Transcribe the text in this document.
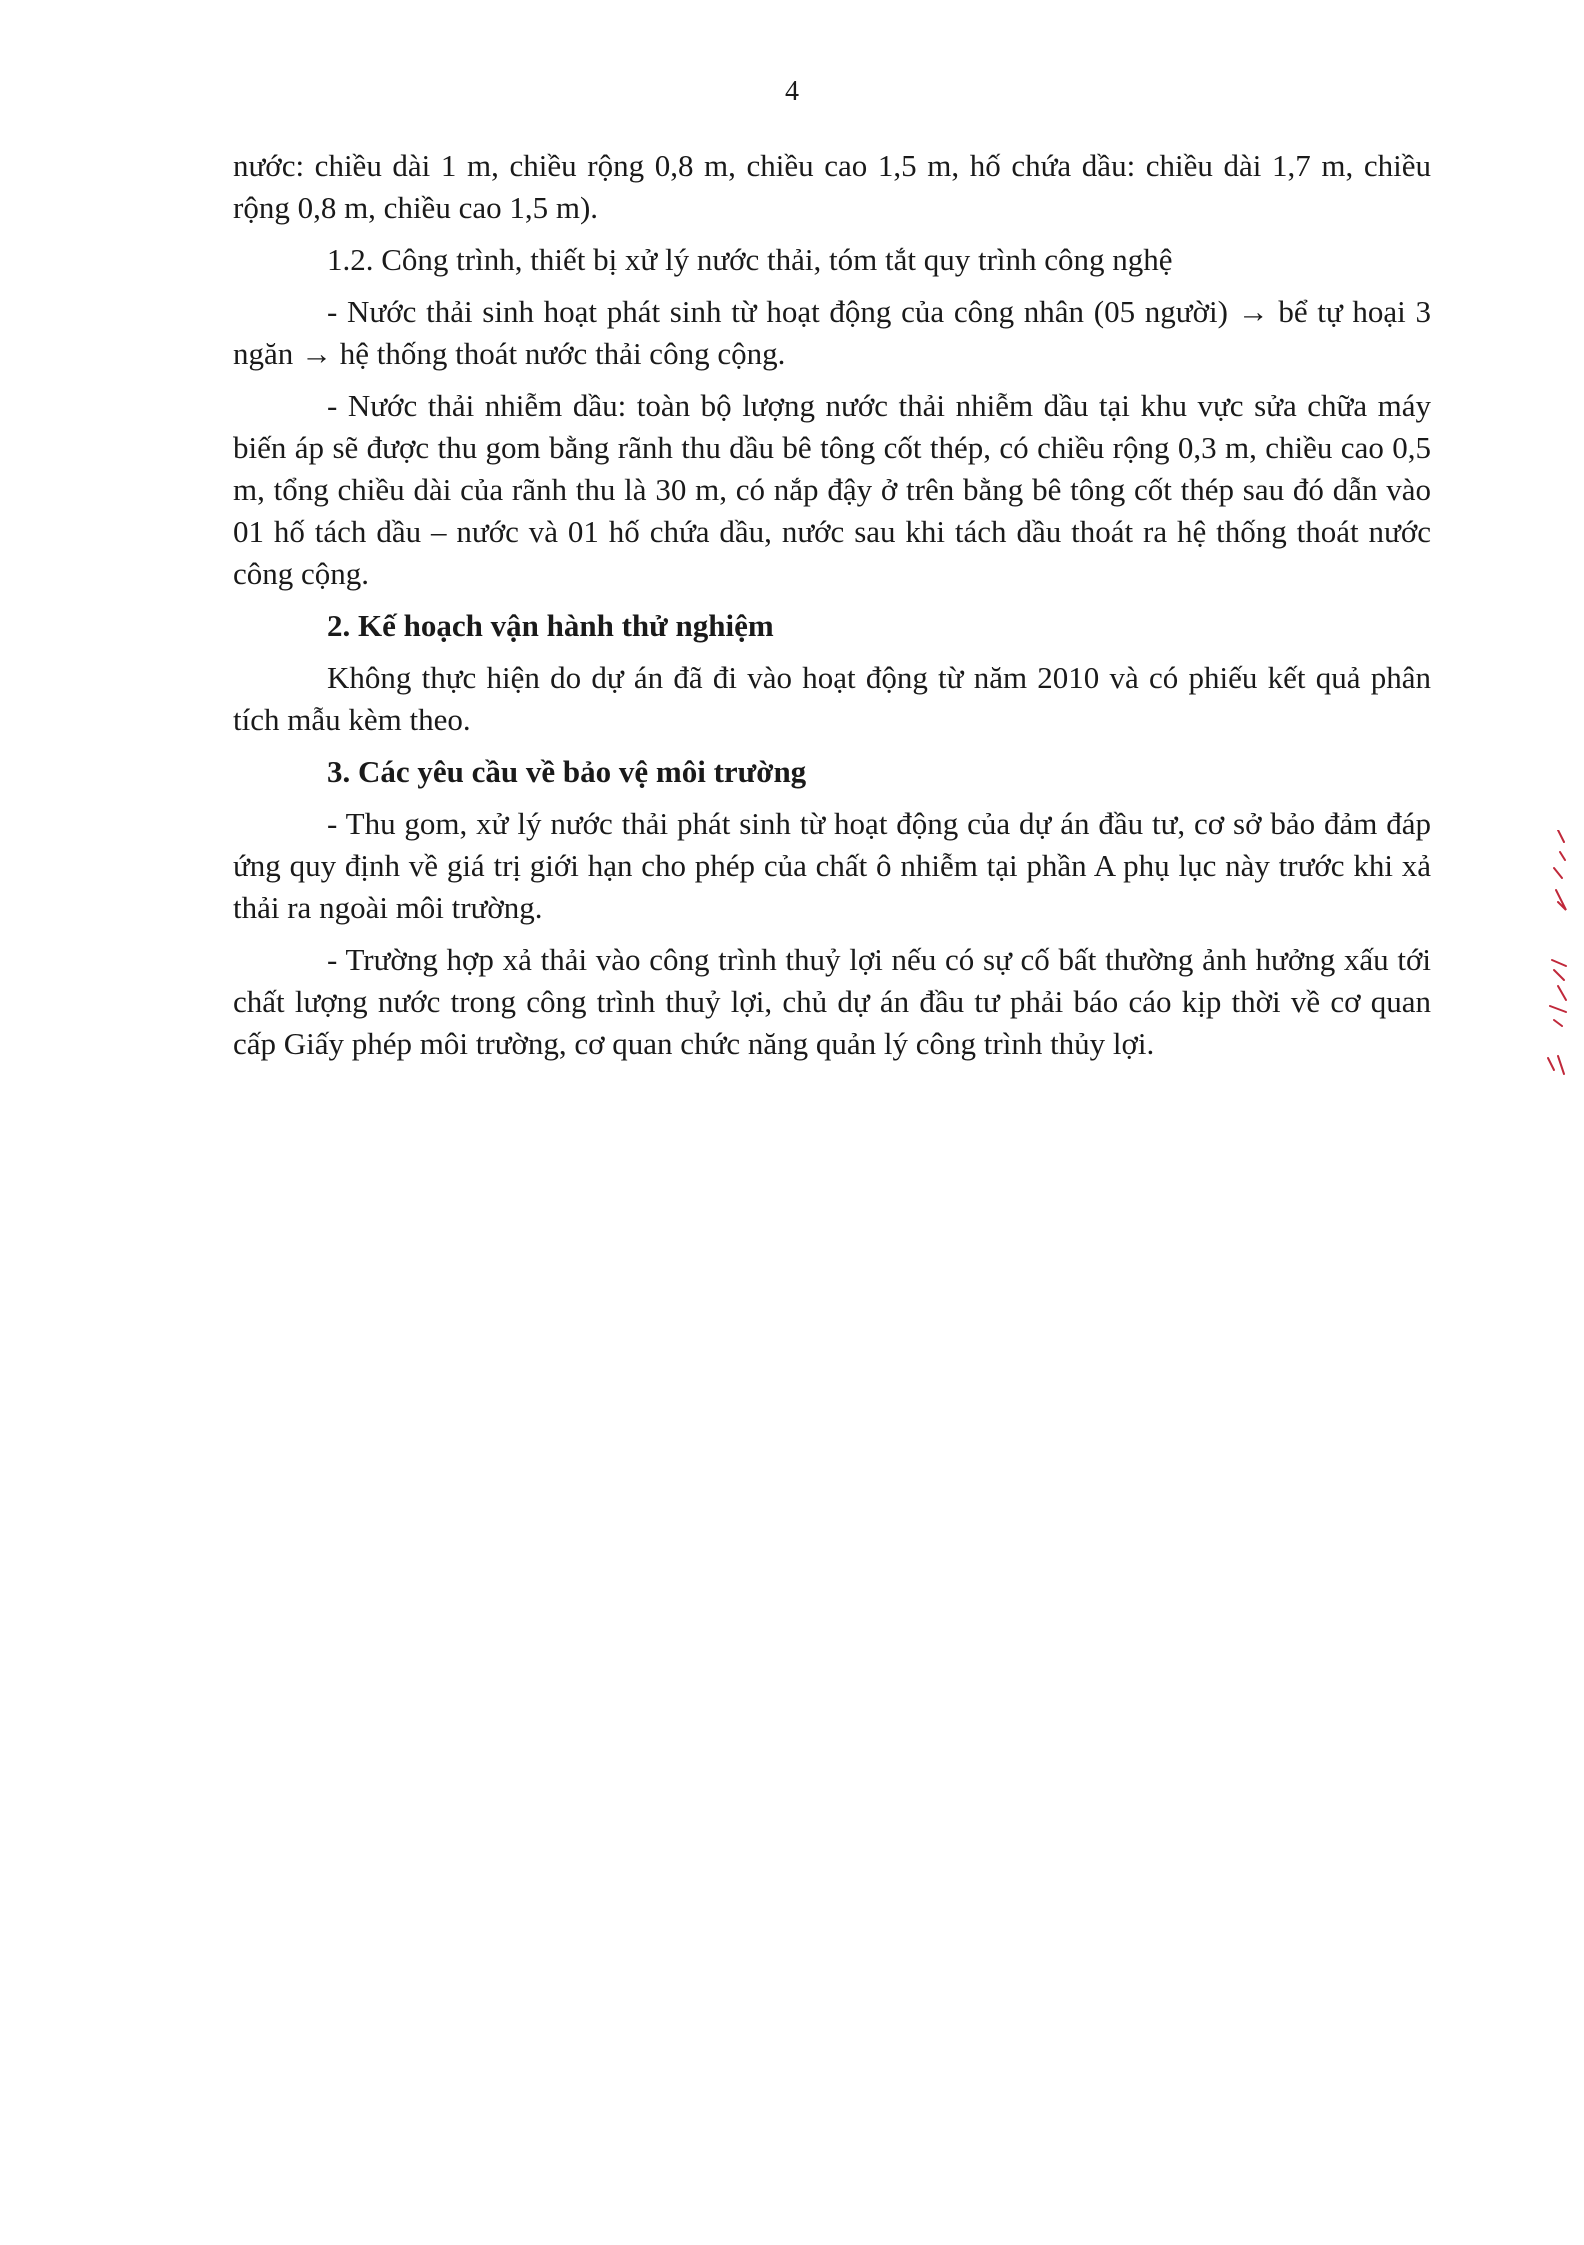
4

nước: chiều dài 1 m, chiều rộng 0,8 m, chiều cao 1,5 m, hố chứa dầu: chiều dài 1,7 m, chiều rộng 0,8 m, chiều cao 1,5 m).

1.2. Công trình, thiết bị xử lý nước thải, tóm tắt quy trình công nghệ

- Nước thải sinh hoạt phát sinh từ hoạt động của công nhân (05 người) → bể tự hoại 3 ngăn → hệ thống thoát nước thải công cộng.

- Nước thải nhiễm dầu: toàn bộ lượng nước thải nhiễm dầu tại khu vực sửa chữa máy biến áp sẽ được thu gom bằng rãnh thu dầu bê tông cốt thép, có chiều rộng 0,3 m, chiều cao 0,5 m, tổng chiều dài của rãnh thu là 30 m, có nắp đậy ở trên bằng bê tông cốt thép sau đó dẫn vào 01 hố tách dầu – nước và 01 hố chứa dầu, nước sau khi tách dầu thoát ra hệ thống thoát nước công cộng.

2. Kế hoạch vận hành thử nghiệm

Không thực hiện do dự án đã đi vào hoạt động từ năm 2010 và có phiếu kết quả phân tích mẫu kèm theo.

3. Các yêu cầu về bảo vệ môi trường

- Thu gom, xử lý nước thải phát sinh từ hoạt động của dự án đầu tư, cơ sở bảo đảm đáp ứng quy định về giá trị giới hạn cho phép của chất ô nhiễm tại phần A phụ lục này trước khi xả thải ra ngoài môi trường.

- Trường hợp xả thải vào công trình thuỷ lợi nếu có sự cố bất thường ảnh hưởng xấu tới chất lượng nước trong công trình thuỷ lợi, chủ dự án đầu tư phải báo cáo kịp thời về cơ quan cấp Giấy phép môi trường, cơ quan chức năng quản lý công trình thủy lợi.
